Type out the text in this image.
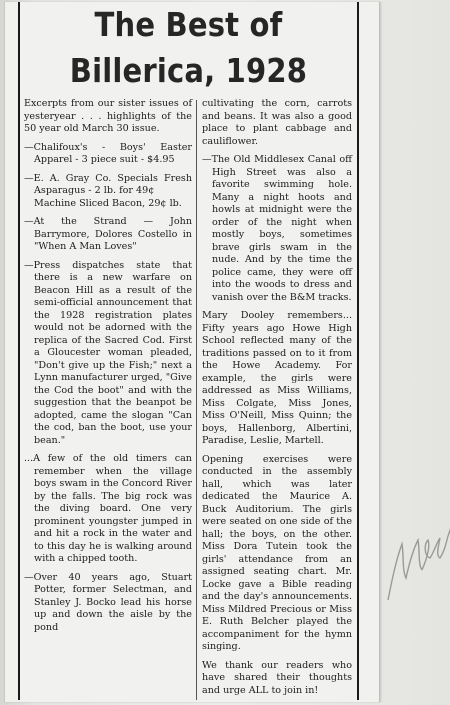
The Best of
Billerica, 1928

Excerpts from our sister issues of yesteryear . . . highlights of the 50 year old March 30 issue.

—Chalifoux's - Boys' Easter Apparel - 3 piece suit - $4.95

—E. A. Gray Co. Specials Fresh Asparagus - 2 lb. for 49¢

Machine Sliced Bacon, 29¢ lb.

—At the Strand — John Barrymore, Dolores Costello in "When A Man Loves"

—Press dispatches state that there is a new warfare on Beacon Hill as a result of the semi-official announcement that the 1928 registration plates would not be adorned with the replica of the Sacred Cod. First a Gloucester woman pleaded, "Don't give up the Fish;" next a Lynn manufacturer urged, "Give the Cod the boot" and with the suggestion that the beanpot be adopted, came the slogan "Can the cod, ban the boot, use your bean."

...A few of the old timers can remember when the village boys swam in the Concord River by the falls. The big rock was the diving board. One very prominent youngster jumped in and hit a rock in the water and to this day he is walking around with a chipped tooth.

—Over 40 years ago, Stuart Potter, former Selectman, and Stanley J. Bocko lead his horse up and down the aisle by the pond

cultivating the corn, carrots and beans. It was also a good place to plant cabbage and cauliflower.

—The Old Middlesex Canal off High Street was also a favorite swimming hole. Many a night hoots and howls at midnight were the order of the night when mostly boys, sometimes brave girls swam in the nude. And by the time the police came, they were off into the woods to dress and vanish over the B&M tracks.

Mary Dooley remembers... Fifty years ago Howe High School reflected many of the traditions passed on to it from the Howe Academy. For example, the girls were addressed as Miss Williams, Miss Colgate, Miss Jones, Miss O'Neill, Miss Quinn; the boys, Hallenborg, Albertini, Paradise, Leslie, Martell.

Opening exercises were conducted in the assembly hall, which was later dedicated the Maurice A. Buck Auditorium. The girls were seated on one side of the hall; the boys, on the other. Miss Dora Tutein took the girls' attendance from an assigned seating chart. Mr. Locke gave a Bible reading and the day's announcements. Miss Mildred Precious or Miss E. Ruth Belcher played the accompaniment for the hymn singing.

We thank our readers who have shared their thoughts and urge ALL to join in!
